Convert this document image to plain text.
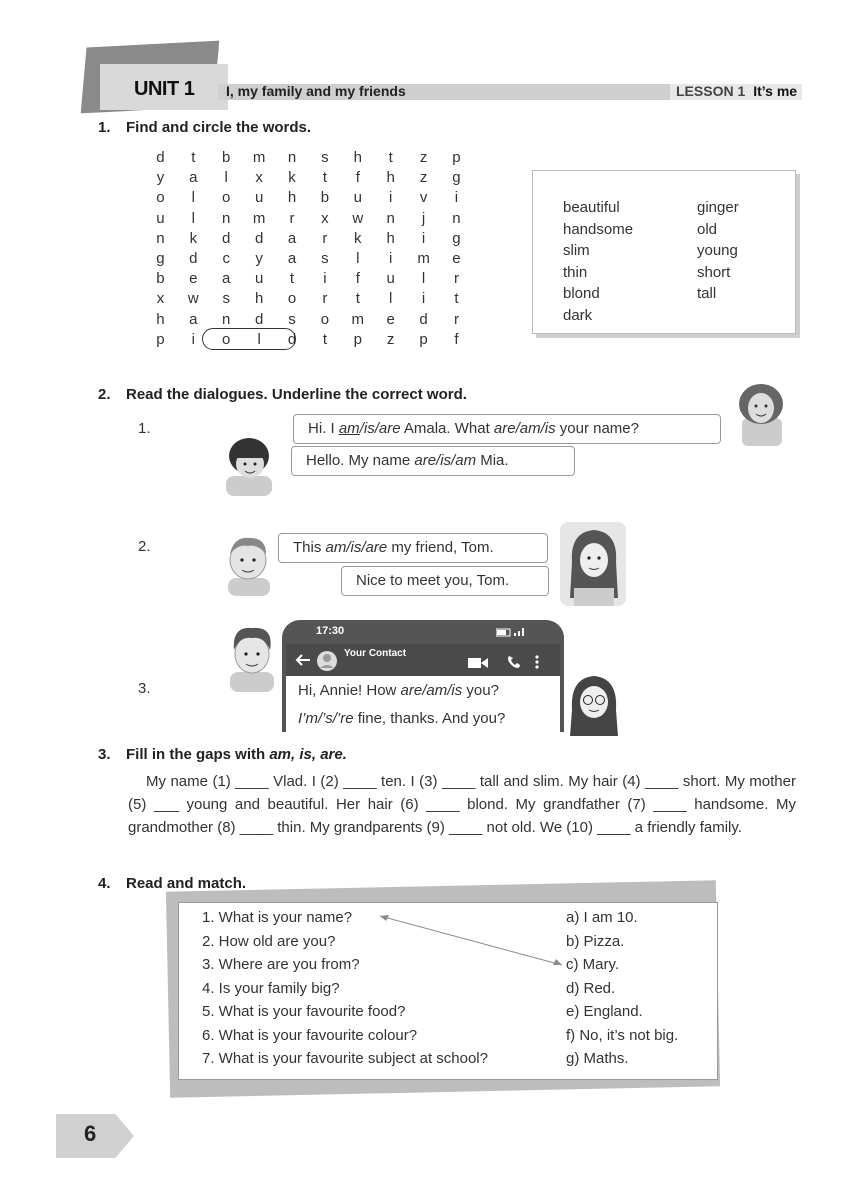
UNIT 1 I, my family and my friends	LESSON 1 It’s me
1. Find and circle the words.
d	t	b	m	n	s	h	t	z	p
y	a	l	x	k	t	f	h	z	g
o	l	o	u	h	b	u	i	v	i
u	l	n	m	r	x	w	n	j	n
n	k	d	d	a	r	k	h	i	g
g	d	c	y	a	s	l	i	m	e
b	e	a	u	t	i	f	u	l	r
x	w	s	h	o	r	t	l	i	t
h	a	n	d	s	o	m	e	d	r
p	i	o	l	d	t	p	z	p	f
beautiful
handsome
slim
thin
blond
dark
ginger
old
young
short
tall
2. Read the dialogues. Underline the correct word.
1.	Hi. I am/is/are Amala. What are/am/is your name?
Hello. My name are/is/am Mia.
2.	This am/is/are my friend, Tom.
Nice to meet you, Tom.
3.
17:30
Your Contact
Hi, Annie! How are/am/is you?
I’m/’s/’re fine, thanks. And you?
3. Fill in the gaps with am, is, are.
My name (1) ____ Vlad. I (2) ____ ten. I (3) ____ tall and slim. My hair (4) ____ short. My mother (5) ___ young and beautiful. Her hair (6) ____ blond. My grandfather (7) ____ handsome. My grandmother (8) ____ thin. My grandparents (9) ____ not old. We (10) ____ a friendly family.
4. Read and match.
1. What is your name?
2. How old are you?
3. Where are you from?
4. Is your family big?
5. What is your favourite food?
6. What is your favourite colour?
7. What is your favourite subject at school?
a) I am 10.
b) Pizza.
c) Mary.
d) Red.
e) England.
f) No, it’s not big.
g) Maths.
6
